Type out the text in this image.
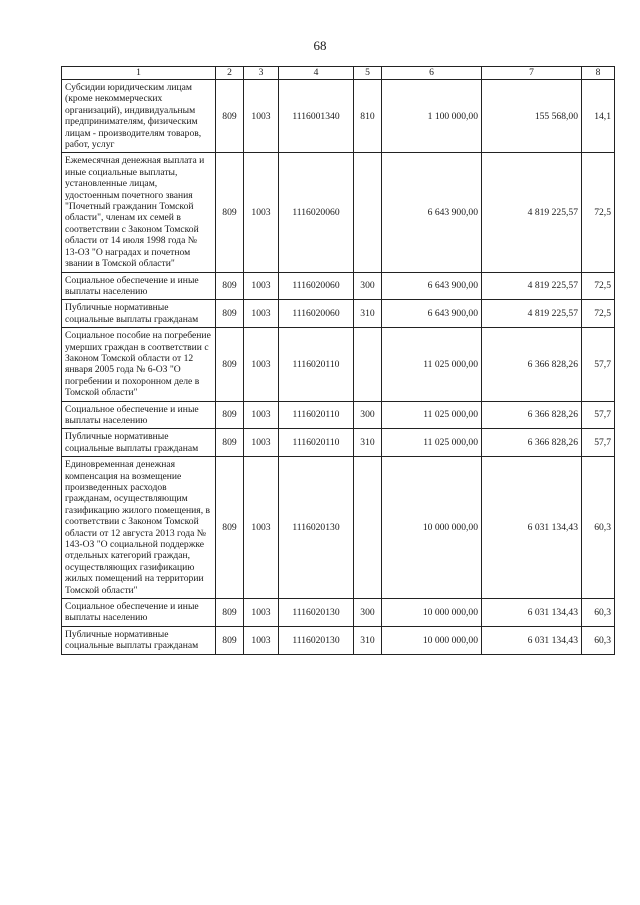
68
1	2	3	4	5	6	7	8
Субсидии юридическим лицам (кроме некоммерческих организаций), индивидуальным предпринимателям, физическим лицам - производителям товаров, работ, услуг	809	1003	1116001340	810	1 100 000,00	155 568,00	14,1
Ежемесячная денежная выплата и иные социальные выплаты, установленные лицам, удостоенным почетного звания "Почетный гражданин Томской области", членам их семей в соответствии с Законом Томской области от 14 июля 1998 года № 13-ОЗ "О наградах и почетном звании в Томской области"	809	1003	1116020060		6 643 900,00	4 819 225,57	72,5
Социальное обеспечение и иные выплаты населению	809	1003	1116020060	300	6 643 900,00	4 819 225,57	72,5
Публичные нормативные социальные выплаты гражданам	809	1003	1116020060	310	6 643 900,00	4 819 225,57	72,5
Социальное пособие на погребение умерших граждан в соответствии с Законом Томской области от 12 января 2005 года № 6-ОЗ "О погребении и похоронном деле в Томской области"	809	1003	1116020110		11 025 000,00	6 366 828,26	57,7
Социальное обеспечение и иные выплаты населению	809	1003	1116020110	300	11 025 000,00	6 366 828,26	57,7
Публичные нормативные социальные выплаты гражданам	809	1003	1116020110	310	11 025 000,00	6 366 828,26	57,7
Единовременная денежная компенсация на возмещение произведенных расходов гражданам, осуществляющим газификацию жилого помещения, в соответствии с Законом Томской области от 12 августа 2013 года № 143-ОЗ "О социальной поддержке отдельных категорий граждан, осуществляющих газификацию жилых помещений на территории Томской области"	809	1003	1116020130		10 000 000,00	6 031 134,43	60,3
Социальное обеспечение и иные выплаты населению	809	1003	1116020130	300	10 000 000,00	6 031 134,43	60,3
Публичные нормативные социальные выплаты гражданам	809	1003	1116020130	310	10 000 000,00	6 031 134,43	60,3
